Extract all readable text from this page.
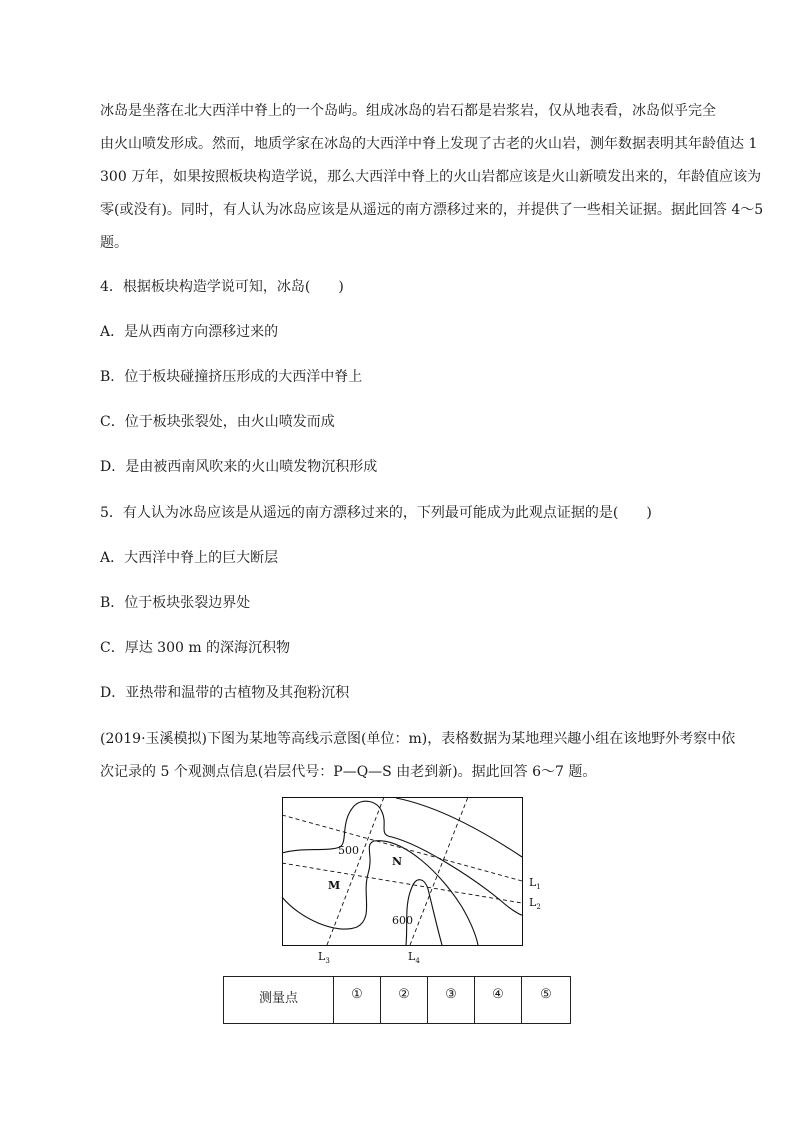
冰岛是坐落在北大西洋中脊上的一个岛屿。组成冰岛的岩石都是岩浆岩，仅从地表看，冰岛似乎完全

由火山喷发形成。然而，地质学家在冰岛的大西洋中脊上发现了古老的火山岩，测年数据表明其年龄值达 1

300 万年，如果按照板块构造学说，那么大西洋中脊上的火山岩都应该是火山新喷发出来的，年龄值应该为

零(或没有)。同时，有人认为冰岛应该是从遥远的南方漂移过来的，并提供了一些相关证据。据此回答 4～5

题。

4．根据板块构造学说可知，冰岛(　　)

A．是从西南方向漂移过来的

B．位于板块碰撞挤压形成的大西洋中脊上

C．位于板块张裂处，由火山喷发而成

D．是由被西南风吹来的火山喷发物沉积形成

5．有人认为冰岛应该是从遥远的南方漂移过来的，下列最可能成为此观点证据的是(　　)

A．大西洋中脊上的巨大断层

B．位于板块张裂边界处

C．厚达 300 m 的深海沉积物

D．亚热带和温带的古植物及其孢粉沉积

(2019·玉溪模拟)下图为某地等高线示意图(单位：m)，表格数据为某地理兴趣小组在该地野外考察中依

次记录的 5 个观测点信息(岩层代号：P—Q—S 由老到新)。据此回答 6～7 题。

500
600
M
N
$L_1$
$L_2$
$L_3$	$L_4$
测量点	①	②	③	④	⑤
